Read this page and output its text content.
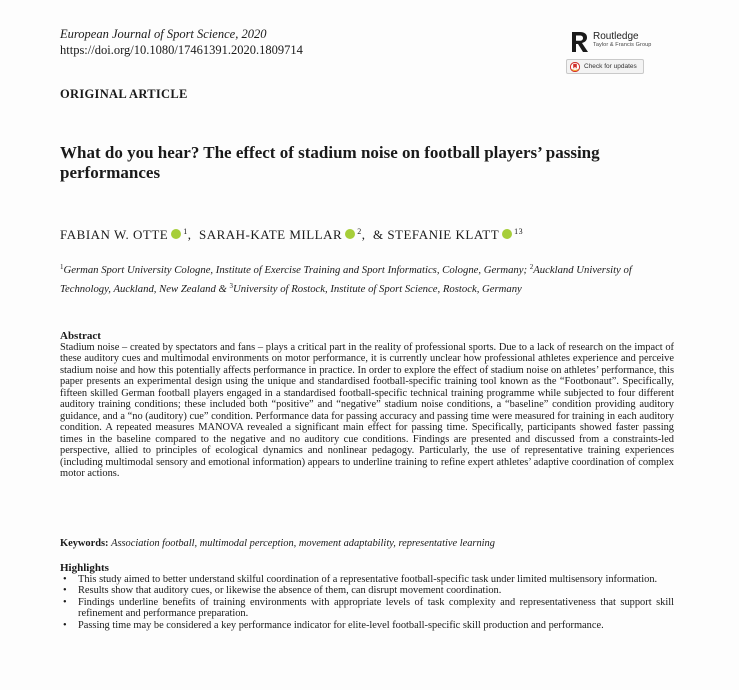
European Journal of Sport Science, 2020
https://doi.org/10.1080/17461391.2020.1809714
Routledge
Taylor & Francis Group
Check for updates
ORIGINAL ARTICLE
What do you hear? The effect of stadium noise on football players’ passing performances
FABIAN W. OTTE $^1$,  SARAH-KATE MILLAR $^2$,  & STEFANIE KLATT $^{13}$
$^1$German Sport University Cologne, Institute of Exercise Training and Sport Informatics, Cologne, Germany; $^2$Auckland University of Technology, Auckland, New Zealand & $^3$University of Rostock, Institute of Sport Science, Rostock, Germany
Abstract

Stadium noise – created by spectators and fans – plays a critical part in the reality of professional sports. Due to a lack of research on the impact of these auditory cues and multimodal environments on motor performance, it is currently unclear how professional athletes experience and perceive stadium noise and how this potentially affects performance in practice. In order to explore the effect of stadium noise on athletes’ performance, this paper presents an experimental design using the unique and standardised football-specific training tool known as the “Footbonaut”. Specifically, fifteen skilled German football players engaged in a standardised football-specific technical training programme while subjected to four different auditory training conditions; these included both “positive” and “negative” stadium noise conditions, a “baseline” condition providing auditory guidance, and a “no (auditory) cue” condition. Performance data for passing accuracy and passing time were measured for training in each auditory condition. A repeated measures MANOVA revealed a significant main effect for passing time. Specifically, participants showed faster passing times in the baseline compared to the negative and no auditory cue conditions. Findings are presented and discussed from a constraints-led perspective, allied to principles of ecological dynamics and nonlinear pedagogy. Particularly, the use of representative training experiences (including multimodal sensory and emotional information) appears to underline training to refine expert athletes’ adaptive coordination of complex motor actions.

Keywords: Association football, multimodal perception, movement adaptability, representative learning
Highlights
• This study aimed to better understand skilful coordination of a representative football-specific task under limited multisensory information.
• Results show that auditory cues, or likewise the absence of them, can disrupt movement coordination.
• Findings underline benefits of training environments with appropriate levels of task complexity and representativeness that support skill refinement and performance preparation.
• Passing time may be considered a key performance indicator for elite-level football-specific skill production and performance.
